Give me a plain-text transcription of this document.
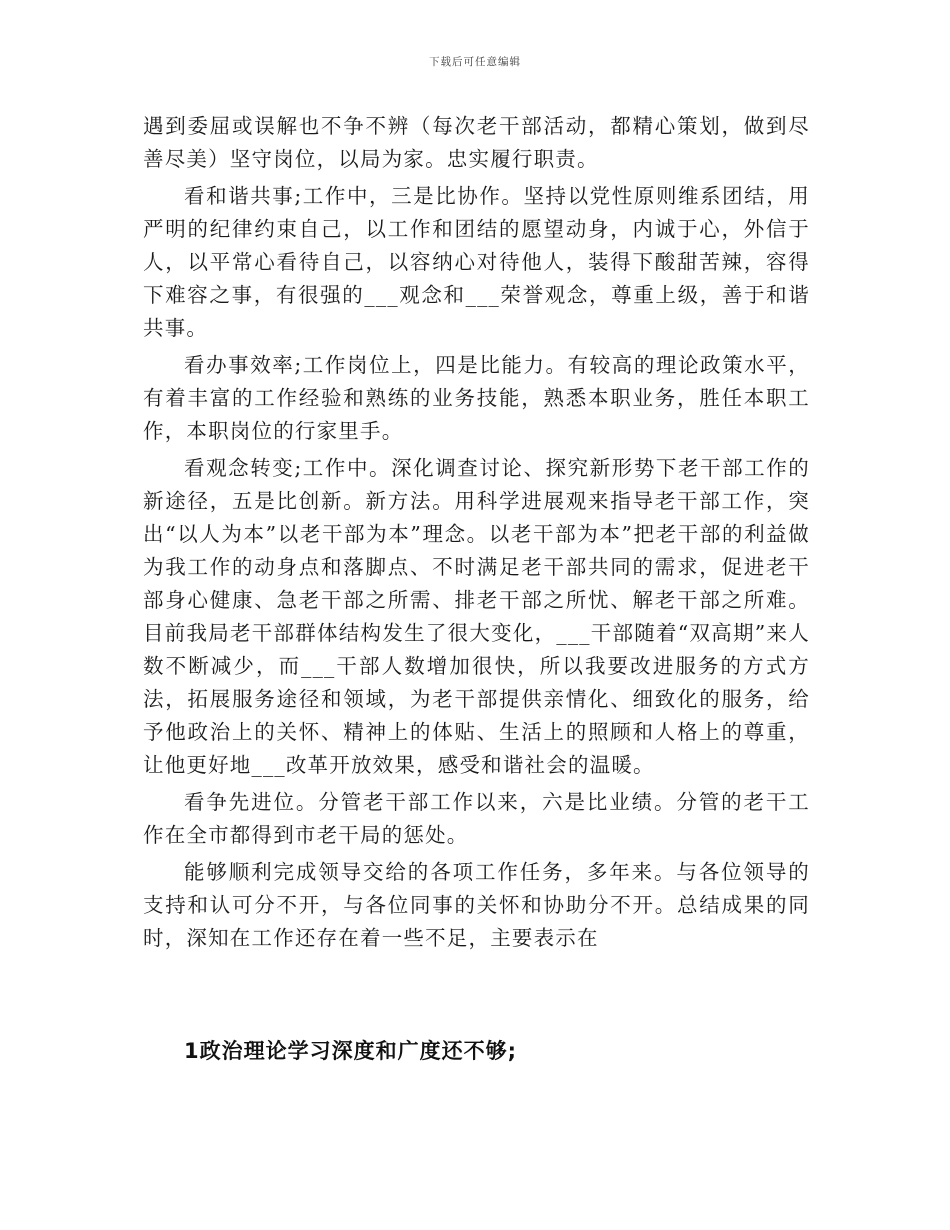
下载后可任意编辑

遇到委屈或误解也不争不辨（每次老干部活动，都精心策划，做到尽善尽美）坚守岗位，以局为家。忠实履行职责。

看和谐共事;工作中，三是比协作。坚持以党性原则维系团结，用严明的纪律约束自己，以工作和团结的愿望动身，内诚于心，外信于人，以平常心看待自己，以容纳心对待他人，装得下酸甜苦辣，容得下难容之事，有很强的___观念和___荣誉观念，尊重上级，善于和谐共事。

看办事效率;工作岗位上，四是比能力。有较高的理论政策水平，有着丰富的工作经验和熟练的业务技能，熟悉本职业务，胜任本职工作，本职岗位的行家里手。

看观念转变;工作中。深化调查讨论、探究新形势下老干部工作的新途径，五是比创新。新方法。用科学进展观来指导老干部工作，突出“以人为本”以老干部为本”理念。以老干部为本”把老干部的利益做为我工作的动身点和落脚点、不时满足老干部共同的需求，促进老干部身心健康、急老干部之所需、排老干部之所忧、解老干部之所难。目前我局老干部群体结构发生了很大变化，___干部随着“双高期”来人数不断减少，而___干部人数增加很快，所以我要改进服务的方式方法，拓展服务途径和领域，为老干部提供亲情化、细致化的服务，给予他政治上的关怀、精神上的体贴、生活上的照顾和人格上的尊重，让他更好地___改革开放效果，感受和谐社会的温暖。

看争先进位。分管老干部工作以来，六是比业绩。分管的老干工作在全市都得到市老干局的惩处。

能够顺利完成领导交给的各项工作任务，多年来。与各位领导的支持和认可分不开，与各位同事的关怀和协助分不开。总结成果的同时，深知在工作还存在着一些不足，主要表示在

1政治理论学习深度和广度还不够;
